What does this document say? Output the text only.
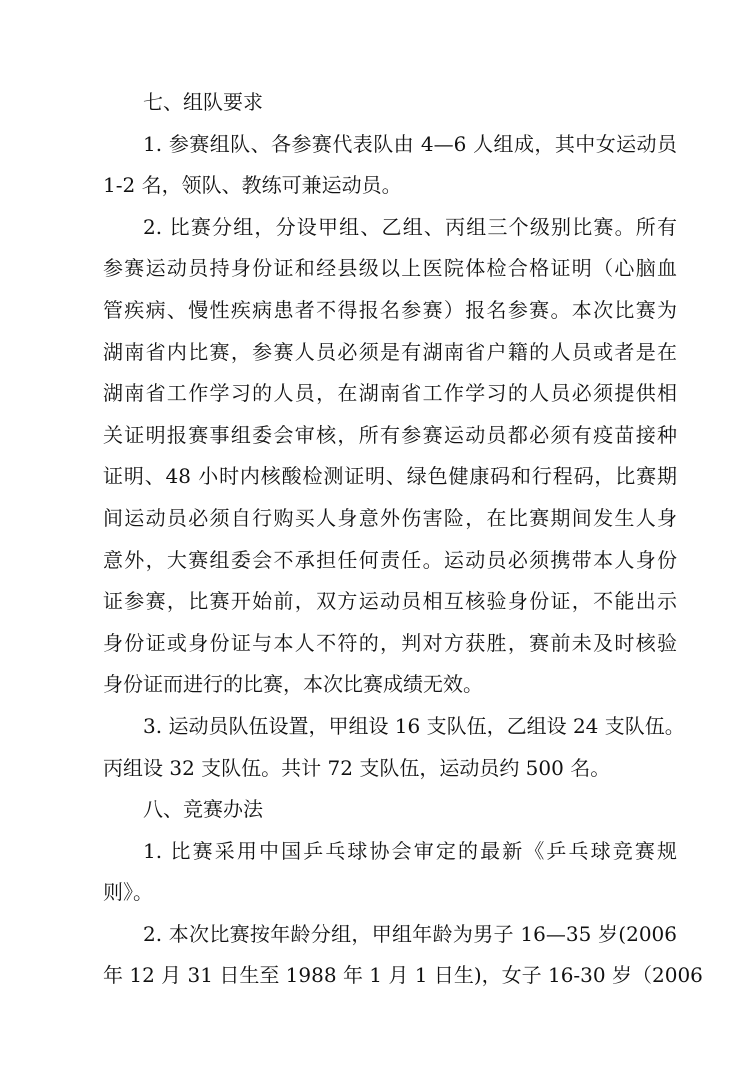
七、组队要求
1. 参赛组队、各参赛代表队由 4—6 人组成，其中女运动员
1-2 名，领队、教练可兼运动员。
2. 比赛分组，分设甲组、乙组、丙组三个级别比赛。所有
参赛运动员持身份证和经县级以上医院体检合格证明（心脑血
管疾病、慢性疾病患者不得报名参赛）报名参赛。本次比赛为
湖南省内比赛，参赛人员必须是有湖南省户籍的人员或者是在
湖南省工作学习的人员，在湖南省工作学习的人员必须提供相
关证明报赛事组委会审核，所有参赛运动员都必须有疫苗接种
证明、48 小时内核酸检测证明、绿色健康码和行程码，比赛期
间运动员必须自行购买人身意外伤害险，在比赛期间发生人身
意外，大赛组委会不承担任何责任。运动员必须携带本人身份
证参赛，比赛开始前，双方运动员相互核验身份证，不能出示
身份证或身份证与本人不符的，判对方获胜，赛前未及时核验
身份证而进行的比赛，本次比赛成绩无效。
3. 运动员队伍设置，甲组设 16 支队伍，乙组设 24 支队伍。
丙组设 32 支队伍。共计 72 支队伍，运动员约 500 名。
八、竞赛办法
1. 比赛采用中国乒乓球协会审定的最新《乒乓球竞赛规
则》。
2. 本次比赛按年龄分组，甲组年龄为男子 16—35 岁(2006
年 12 月 31 日生至 1988 年 1 月 1 日生)，女子 16-30 岁（2006
